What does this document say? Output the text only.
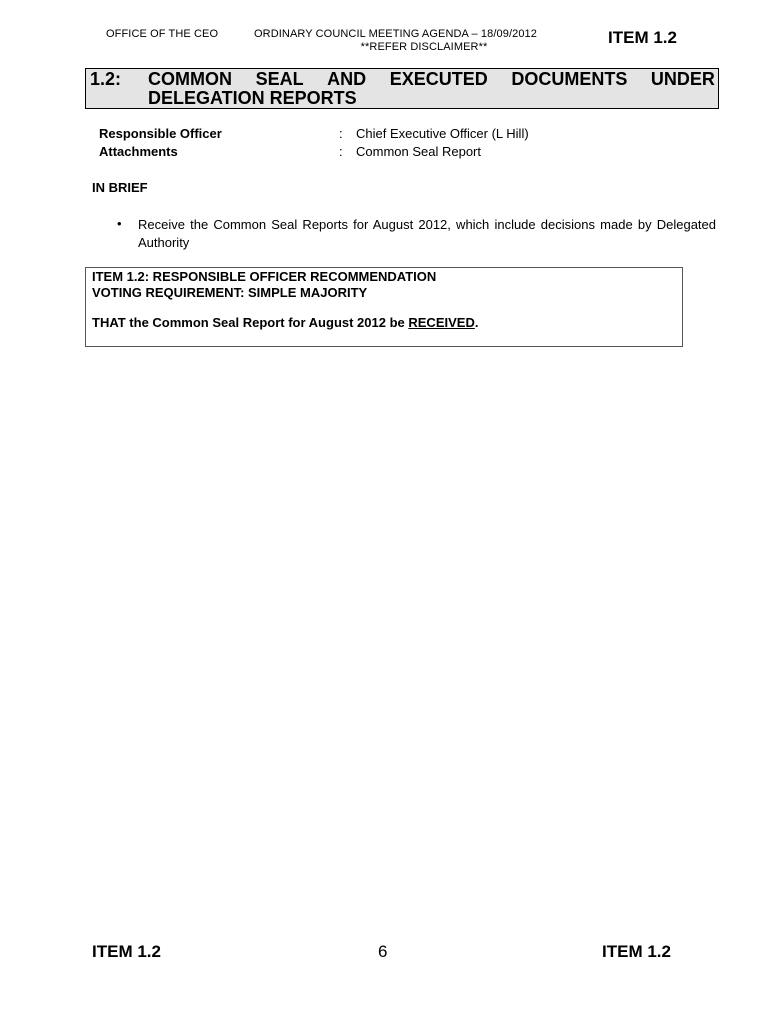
OFFICE OF THE CEO	ORDINARY COUNCIL MEETING AGENDA – 18/09/2012
**REFER DISCLAIMER**	ITEM 1.2
1.2: COMMON SEAL AND EXECUTED DOCUMENTS UNDER
DELEGATION REPORTS
Responsible Officer	: Chief Executive Officer (L Hill)
Attachments	: Common Seal Report
IN BRIEF
• Receive the Common Seal Reports for August 2012, which include decisions made by Delegated Authority
ITEM 1.2: RESPONSIBLE OFFICER RECOMMENDATION
VOTING REQUIREMENT: SIMPLE MAJORITY
THAT the Common Seal Report for August 2012 be RECEIVED.
ITEM 1.2	6	ITEM 1.2
